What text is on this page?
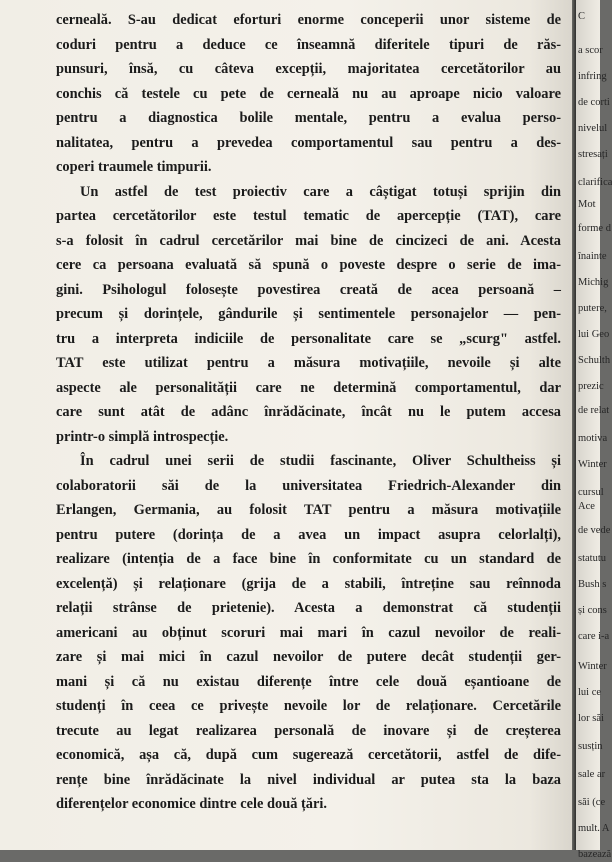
cerneală. S-au dedicat eforturi enorme conceperii unor sisteme de
coduri pentru a deduce ce înseamnă diferitele tipuri de răs-
punsuri, însă, cu câteva excepții, majoritatea cercetătorilor au
conchis că testele cu pete de cerneală nu au aproape nicio valoare
pentru a diagnostica bolile mentale, pentru a evalua perso-
nalitatea, pentru a prevedea comportamentul sau pentru a des-
coperi traumele timpurii.
Un astfel de test proiectiv care a câștigat totuși sprijin din
partea cercetătorilor este testul tematic de apercepție (TAT), care
s-a folosit în cadrul cercetărilor mai bine de cincizeci de ani. Acesta
cere ca persoana evaluată să spună o poveste despre o serie de ima-
gini. Psihologul folosește povestirea creată de acea persoană –
precum și dorințele, gândurile și sentimentele personajelor — pen-
tru a interpreta indiciile de personalitate care se „scurg" astfel.
TAT este utilizat pentru a măsura motivațiile, nevoile și alte
aspecte ale personalității care ne determină comportamentul, dar
care sunt atât de adânc înrădăcinate, încât nu le putem accesa
printr-o simplă introspecție.
În cadrul unei serii de studii fascinante, Oliver Schultheiss și
colaboratorii săi de la universitatea Friedrich-Alexander din
Erlangen, Germania, au folosit TAT pentru a măsura motivațiile
pentru putere (dorința de a avea un impact asupra celorlalți),
realizare (intenția de a face bine în conformitate cu un standard de
excelență) și relaționare (grija de a stabili, întreține sau reînnoda
relații strânse de prietenie). Acesta a demonstrat că studenții
americani au obținut scoruri mai mari în cazul nevoilor de reali-
zare și mai mici în cazul nevoilor de putere decât studenții ger-
mani și că nu existau diferențe între cele două eșantioane de
studenți în ceea ce privește nevoile lor de relaționare. Cercetările
trecute au legat realizarea personală de inovare și de creșterea
economică, așa că, după cum sugerează cercetătorii, astfel de dife-
rențe bine înrădăcinate la nivel individual ar putea sta la baza
diferențelor economice dintre cele două țări.
C
a scor
infring
de corti
nivelul
stresați
clarifica
Mot
forme d
înainte
Michig
putere,
lui Geo
Schulth
prezic
de relat
motiva
Winter
cursul
Ace
de vede
statutu
Bush s
și cons
care i-a
Winter
lui ce
lor săi
susțin
sale ar
săi (ce
mult. A
bazează
